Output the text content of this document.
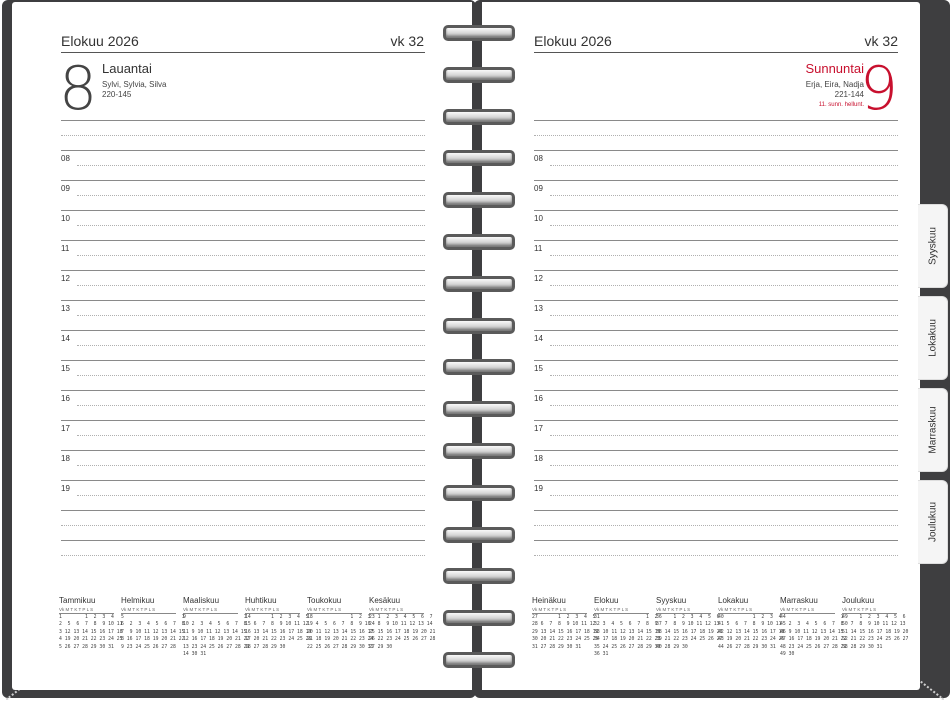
Elokuu 2026	vk 32
8 Lauantai
Sylvi, Sylvia, Silva
220-145
08
09
10
11
12
13
14
15
16
17
18
19
Tammikuu
Vk M T K T P L S
1        1  2  3  4
2  5  6  7  8  9 10 11
3 12 13 14 15 16 17 18
4 19 20 21 22 23 24 25
5 26 27 28 29 30 31
Helmikuu
Vk M T K T P L S
5                    1
6  2  3  4  5  6  7  8
7  9 10 11 12 13 14 15
8 16 17 18 19 20 21 22
9 23 24 25 26 27 28
Maaliskuu
Vk M T K T P L S
9                    1
10 2  3  4  5  6  7  8
11 9 10 11 12 13 14 15
12 16 17 18 19 20 21 22
13 23 24 25 26 27 28 29
14 30 31
Huhtikuu
Vk M T K T P L S
14       1  2  3  4  5
15 6  7  8  9 10 11 12
16 13 14 15 16 17 18 19
17 20 21 22 23 24 25 26
18 27 28 29 30
Toukokuu
Vk M T K T P L S
18             1  2  3
19 4  5  6  7  8  9 10
20 11 12 13 14 15 16 17
21 18 19 20 21 22 23 24
22 25 26 27 28 29 30 31
Kesäkuu
Vk M T K T P L S
23 1  2  3  4  5  6  7
24 8  9 10 11 12 13 14
25 15 16 17 18 19 20 21
26 22 23 24 25 26 27 28
27 29 30
Elokuu 2026	vk 32
9
Sunnuntai
Erja, Eira, Nadja
221-144
11. sunn. hellunt.
08
09
10
11
12
13
14
15
16
17
18
19
Heinäkuu
Vk M T K T P L S
27       1  2  3  4  5
28 6  7  8  9 10 11 12
29 13 14 15 16 17 18 19
30 20 21 22 23 24 25 26
31 27 28 29 30 31
Elokuu
Vk M T K T P L S
31                1  2
32 3  4  5  6  7  8  9
33 10 11 12 13 14 15 16
34 17 18 19 20 21 22 23
35 24 25 26 27 28 29 30
36 31
Syyskuu
Vk M T K T P L S
36    1  2  3  4  5  6
37 7  8  9 10 11 12 13
38 14 15 16 17 18 19 20
39 21 22 23 24 25 26 27
40 28 29 30
Lokakuu
Vk M T K T P L S
40          1  2  3  4
41 5  6  7  8  9 10 11
42 12 13 14 15 16 17 18
43 19 20 21 22 23 24 25
44 26 27 28 29 30 31
Marraskuu
Vk M T K T P L S
44                   1
45 2  3  4  5  6  7  8
46 9 10 11 12 13 14 15
47 16 17 18 19 20 21 22
48 23 24 25 26 27 28 29
49 30
Joulukuu
Vk M T K T P L S
49    1  2  3  4  5  6
50 7  8  9 10 11 12 13
51 14 15 16 17 18 19 20
52 21 22 23 24 25 26 27
53 28 29 30 31
Syyskuu
Lokakuu
Marraskuu
Joulukuu
